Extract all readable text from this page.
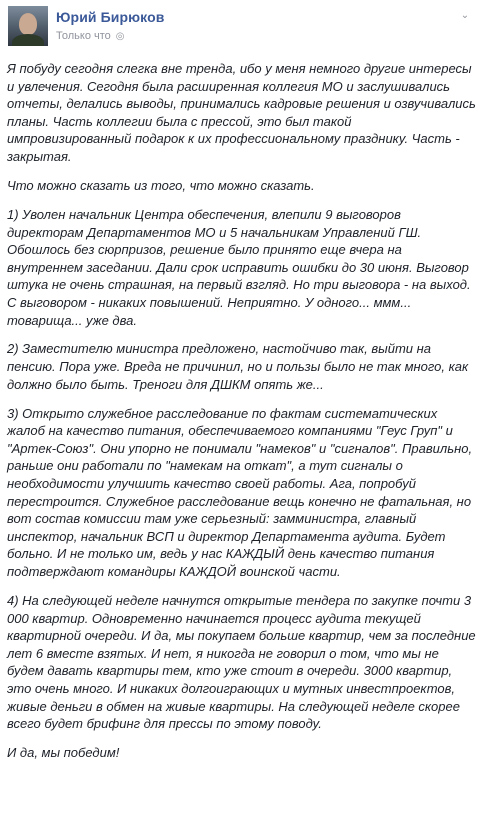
Юрий Бирюков
Только что ◎
⌄

Я побуду сегодня слегка вне тренда, ибо у меня немного другие интересы и увлечения. Сегодня была расширенная коллегия МО и заслушивались отчеты, делались выводы, принимались кадровые решения и озвучивались планы. Часть коллегии была с прессой, это был такой импровизированный подарок к их профессиональному празднику. Часть - закрытая.

Что можно сказать из того, что можно сказать.

1) Уволен начальник Центра обеспечения, влепили 9 выговоров директорам Департаментов МО и 5 начальникам Управлений ГШ. Обошлось без сюрпризов, решение было принято еще вчера на внутреннем заседании. Дали срок исправить ошибки до 30 июня. Выговор штука не очень страшная, на первый взгляд. Но три выговора - на выход. С выговором - никаких повышений. Неприятно. У одного... ммм... товарища... уже два.

2) Заместителю министра предложено, настойчиво так, выйти на пенсию. Пора уже. Вреда не причинил, но и пользы было не так много, как должно было быть. Треноги для ДШКМ опять же...

3) Открыто служебное расследование по фактам систематических жалоб на качество питания, обеспечиваемого компаниями "Геус Груп" и "Артек-Союз". Они упорно не понимали "намеков" и "сигналов". Правильно, раньше они работали по "намекам на откат", а тут сигналы о необходимости улучшить качество своей работы. Ага, попробуй перестроится. Служебное расследование вещь конечно не фатальная, но вот состав комиссии там уже серьезный: замминистра, главный инспектор, начальник ВСП и директор Департамента аудита. Будет больно. И не только им, ведь у нас КАЖДЫЙ день качество питания подтверждают командиры КАЖДОЙ воинской части.

4) На следующей неделе начнутся открытые тендера по закупке почти 3 000 квартир. Одновременно начинается процесс аудита текущей квартирной очереди. И да, мы покупаем больше квартир, чем за последние лет 6 вместе взятых. И нет, я никогда не говорил о том, что мы не будем давать квартиры тем, кто уже стоит в очереди. 3000 квартир, это очень много. И никаких долгоиграющих и мутных инвестпроектов, живые деньги в обмен на живые квартиры. На следующей неделе скорее всего будет брифинг для прессы по этому поводу.

И да, мы победим!
